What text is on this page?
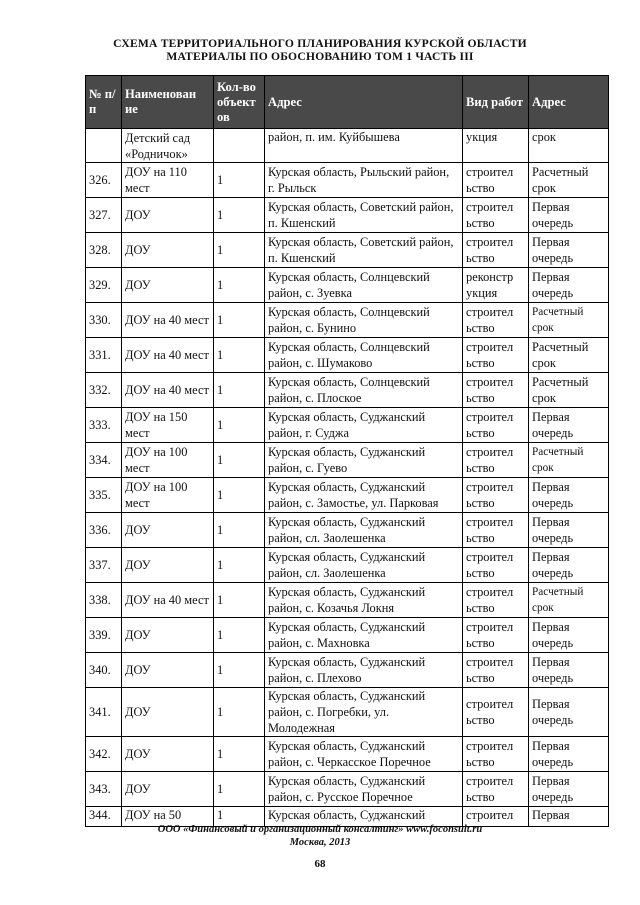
СХЕМА ТЕРРИТОРИАЛЬНОГО ПЛАНИРОВАНИЯ КУРСКОЙ ОБЛАСТИ
МАТЕРИАЛЫ ПО ОБОСНОВАНИЮ ТОМ 1 ЧАСТЬ III
№ п/п	Наименован ие	Кол-во объект ов	Адрес	Вид работ	Адрес
	Детский сад «Родничок»		район, п. им. Куйбышева	укция	срок
326.	ДОУ на 110 мест	1	Курская область, Рыльский район, г. Рыльск	строител ьство	Расчетный срок
327.	ДОУ	1	Курская область, Советский район, п. Кшенский	строител ьство	Первая очередь
328.	ДОУ	1	Курская область, Советский район, п. Кшенский	строител ьство	Первая очередь
329.	ДОУ	1	Курская область, Солнцевский район, с. Зуевка	реконстр укция	Первая очередь
330.	ДОУ на 40 мест	1	Курская область, Солнцевский район, с. Бунино	строител ьство	Расчетный срок
331.	ДОУ на 40 мест	1	Курская область, Солнцевский район, с. Шумаково	строител ьство	Расчетный срок
332.	ДОУ на 40 мест	1	Курская область, Солнцевский район, с. Плоское	строител ьство	Расчетный срок
333.	ДОУ на 150 мест	1	Курская область, Суджанский район, г. Суджа	строител ьство	Первая очередь
334.	ДОУ на 100 мест	1	Курская область, Суджанский район, с. Гуево	строител ьство	Расчетный срок
335.	ДОУ на 100 мест	1	Курская область, Суджанский район, с. Замостье, ул. Парковая	строител ьство	Первая очередь
336.	ДОУ	1	Курская область, Суджанский район, сл. Заолешенка	строител ьство	Первая очередь
337.	ДОУ	1	Курская область, Суджанский район, сл. Заолешенка	строител ьство	Первая очередь
338.	ДОУ на 40 мест	1	Курская область, Суджанский район, с. Козачья Локня	строител ьство	Расчетный срок
339.	ДОУ	1	Курская область, Суджанский район, с. Махновка	строител ьство	Первая очередь
340.	ДОУ	1	Курская область, Суджанский район, с. Плехово	строител ьство	Первая очередь
341.	ДОУ	1	Курская область, Суджанский район, с. Погребки, ул. Молодежная	строител ьство	Первая очередь
342.	ДОУ	1	Курская область, Суджанский район, с. Черкасское Поречное	строител ьство	Первая очередь
343.	ДОУ	1	Курская область, Суджанский район, с. Русское Поречное	строител ьство	Первая очередь
344.	ДОУ на 50	1	Курская область, Суджанский	строител	Первая
ООО «Финансовый и организационный консалтинг» www.foconsult.ru
Москва, 2013
68
